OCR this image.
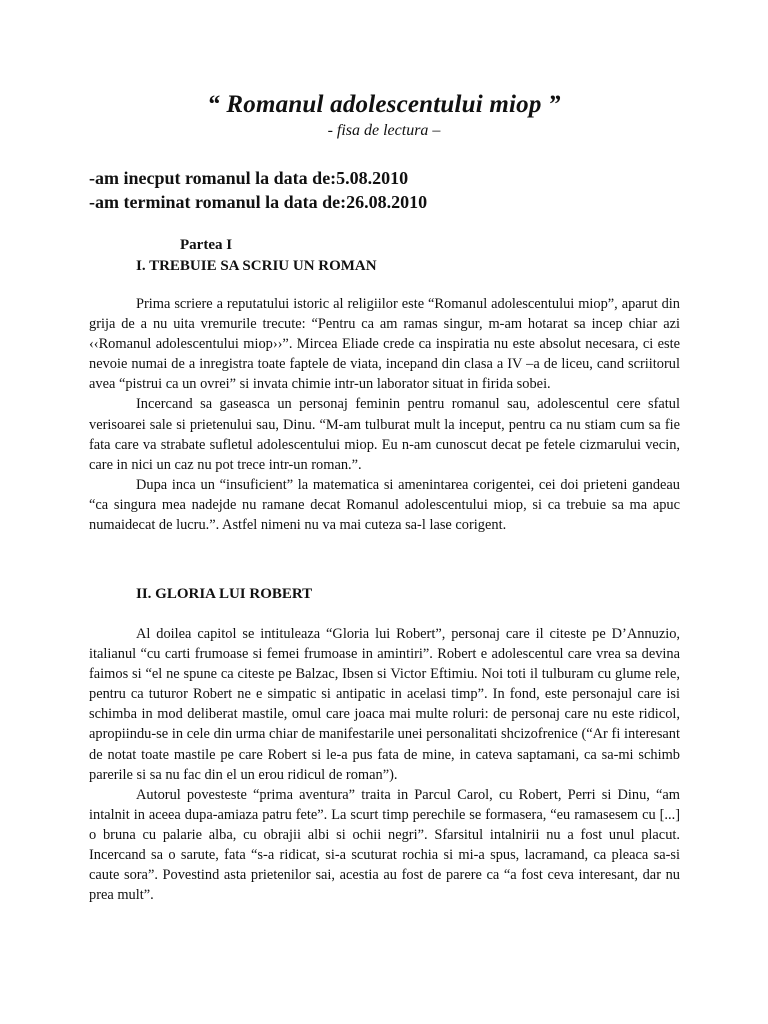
“ Romanul adolescentului miop ”
- fisa de lectura –
-am inecput romanul la data de:5.08.2010
-am terminat romanul la data de:26.08.2010
Partea I
I. TREBUIE SA SCRIU UN ROMAN

Prima scriere a reputatului istoric al religiilor este “Romanul adolescentului miop”, aparut din grija de a nu uita vremurile trecute: “Pentru ca am ramas singur, m-am hotarat sa incep chiar azi ‹‹Romanul adolescentului miop››”. Mircea Eliade crede ca inspiratia nu este absolut necesara, ci este nevoie numai de a inregistra toate faptele de viata, incepand din clasa a IV –a de liceu, cand scriitorul avea “pistrui ca un ovrei” si invata chimie intr-un laborator situat in firida sobei.

Incercand sa gaseasca un personaj feminin pentru romanul sau, adolescentul cere sfatul verisoarei sale si prietenului sau, Dinu. “M-am tulburat mult la inceput, pentru ca nu stiam cum sa fie fata care va strabate sufletul adolescentului miop. Eu n-am cunoscut decat pe fetele cizmarului vecin, care in nici un caz nu pot trece intr-un roman.”.

Dupa inca un “insuficient” la matematica si amenintarea corigentei, cei doi prieteni gandeau “ca singura mea nadejde nu ramane decat Romanul adolescentului miop, si ca trebuie sa ma apuc numaidecat de lucru.”. Astfel nimeni nu va mai cuteza sa-l lase corigent.

II. GLORIA LUI ROBERT

Al doilea capitol se intituleaza “Gloria lui Robert”, personaj care il citeste pe D’Annuzio, italianul “cu carti frumoase si femei frumoase in amintiri”. Robert e adolescentul care vrea sa devina faimos si “el ne spune ca citeste pe Balzac, Ibsen si Victor Eftimiu. Noi toti il tulburam cu glume rele, pentru ca tuturor Robert ne e simpatic si antipatic in acelasi timp”. In fond, este personajul care isi schimba in mod deliberat mastile, omul care joaca mai multe roluri: de personaj care nu este ridicol, apropiindu-se in cele din urma chiar de manifestarile unei personalitati shcizofrenice (“Ar fi interesant de notat toate mastile pe care Robert si le-a pus fata de mine, in cateva saptamani, ca sa-mi schimb parerile si sa nu fac din el un erou ridicul de roman”).

Autorul povesteste “prima aventura” traita in Parcul Carol, cu Robert, Perri si Dinu, “am intalnit in aceea dupa-amiaza patru fete”. La scurt timp perechile se formasera, “eu ramasesem cu [...] o bruna cu palarie alba, cu obrajii albi si ochii negri”. Sfarsitul intalnirii nu a fost unul placut. Incercand sa o sarute, fata “s-a ridicat, si-a scuturat rochia si mi-a spus, lacramand, ca pleaca sa-si caute sora”. Povestind asta prietenilor sai, acestia au fost de parere ca “a fost ceva interesant, dar nu prea mult”.
